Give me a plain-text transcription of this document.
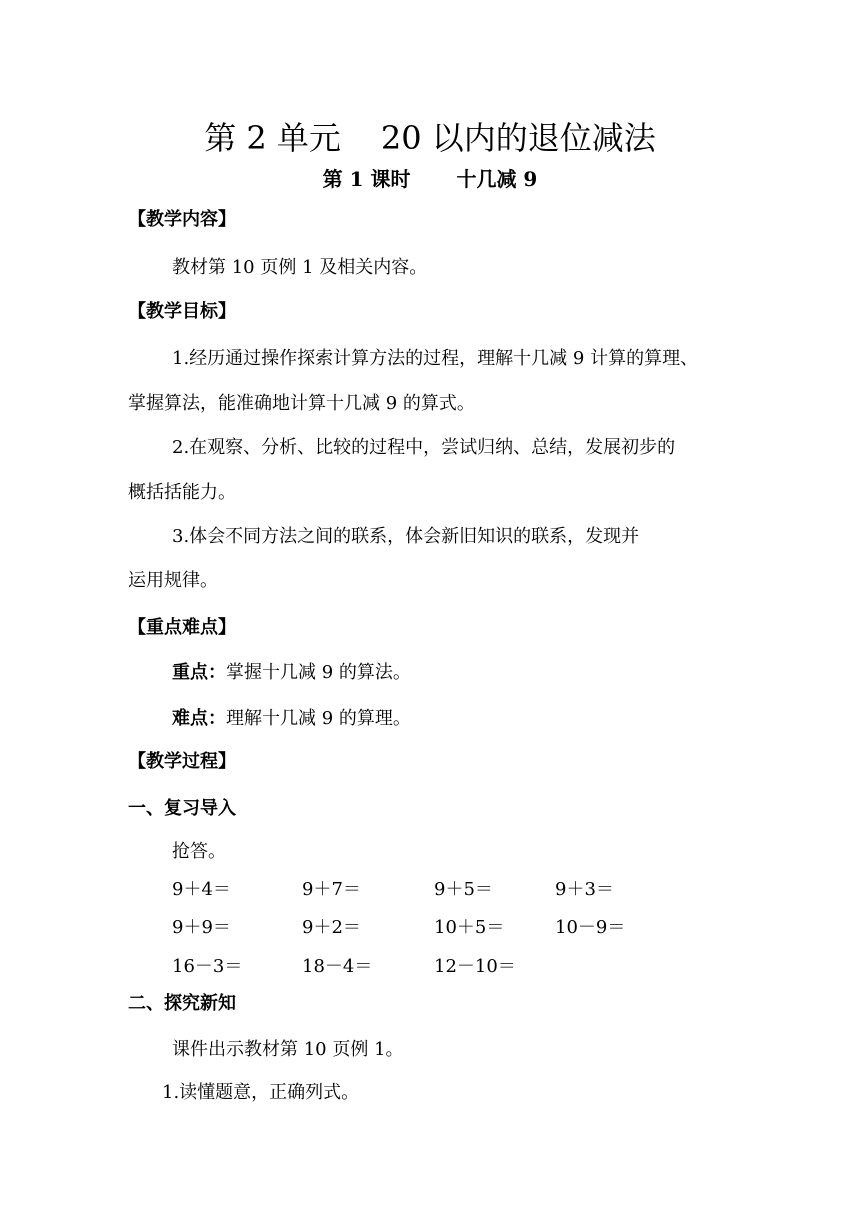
第 2 单元 20 以内的退位减法
第 1 课时 十几减 9
【教学内容】
教材第 10 页例 1 及相关内容。
【教学目标】
1.经历通过操作探索计算方法的过程，理解十几减 9 计算的算理、
掌握算法，能准确地计算十几减 9 的算式。
2.在观察、分析、比较的过程中，尝试归纳、总结，发展初步的
概括括能力。
3.体会不同方法之间的联系，体会新旧知识的联系，发现并
运用规律。
【重点难点】
重点：掌握十几减 9 的算法。
难点：理解十几减 9 的算理。
【教学过程】
一、复习导入
抢答。
9＋4＝	9＋7＝	9＋5＝	9＋3＝
9＋9＝	9＋2＝	10＋5＝	10－9＝
16－3＝	18－4＝	12－10＝
二、探究新知
课件出示教材第 10 页例 1。
1.读懂题意，正确列式。
